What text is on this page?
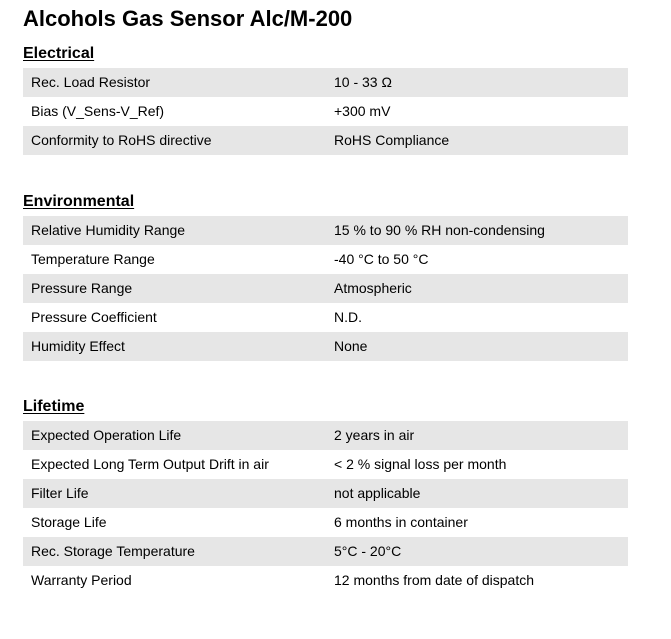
Alcohols Gas Sensor Alc/M-200
Electrical
Rec. Load Resistor	10 - 33 Ω
Bias (V_Sens-V_Ref)	+300 mV
Conformity to RoHS directive	RoHS Compliance
Environmental
Relative Humidity Range	15 % to 90 % RH non-condensing
Temperature Range	-40 °C to 50 °C
Pressure Range	Atmospheric
Pressure Coefficient	N.D.
Humidity Effect	None
Lifetime
Expected Operation Life	2 years in air
Expected Long Term Output Drift in air	< 2 % signal loss per month
Filter Life	not applicable
Storage Life	6 months in container
Rec. Storage Temperature	5°C - 20°C
Warranty Period	12 months from date of dispatch
